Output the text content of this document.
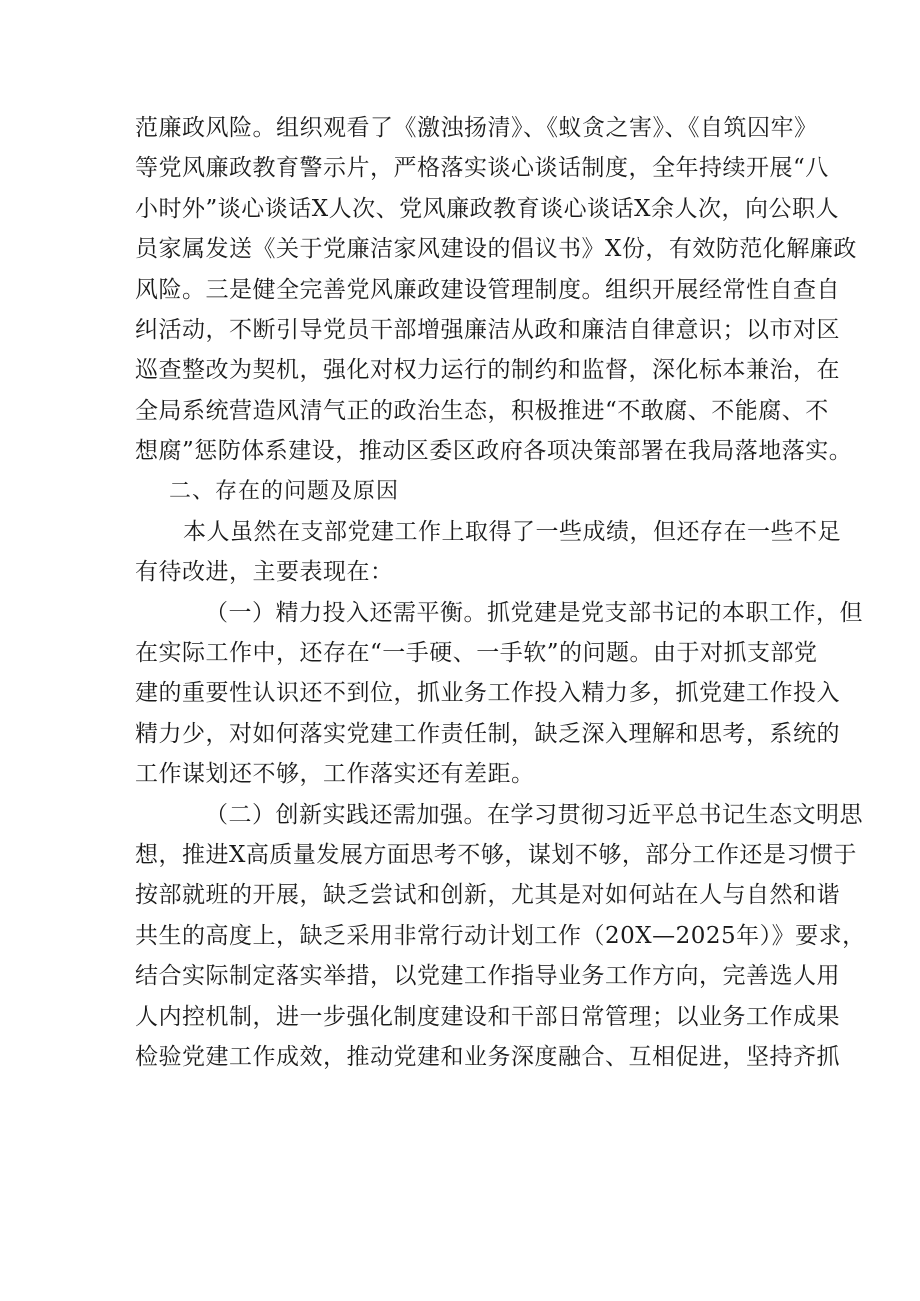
范廉政风险。组织观看了《激浊扬清》、《蚁贪之害》、《自筑囚牢》
等党风廉政教育警示片，严格落实谈心谈话制度，全年持续开展“八
小时外”谈心谈话X人次、党风廉政教育谈心谈话X余人次，向公职人
员家属发送《关于党廉洁家风建设的倡议书》X份，有效防范化解廉政
风险。三是健全完善党风廉政建设管理制度。组织开展经常性自查自
纠活动，不断引导党员干部增强廉洁从政和廉洁自律意识；以市对区
巡查整改为契机，强化对权力运行的制约和监督，深化标本兼治，在
全局系统营造风清气正的政治生态，积极推进“不敢腐、不能腐、不
想腐”惩防体系建设，推动区委区政府各项决策部署在我局落地落实。
二、存在的问题及原因
本人虽然在支部党建工作上取得了一些成绩，但还存在一些不足
有待改进，主要表现在：
（一）精力投入还需平衡。抓党建是党支部书记的本职工作，但
在实际工作中，还存在“一手硬、一手软”的问题。由于对抓支部党
建的重要性认识还不到位，抓业务工作投入精力多，抓党建工作投入
精力少，对如何落实党建工作责任制，缺乏深入理解和思考，系统的
工作谋划还不够，工作落实还有差距。
（二）创新实践还需加强。在学习贯彻习近平总书记生态文明思
想，推进X高质量发展方面思考不够，谋划不够，部分工作还是习惯于
按部就班的开展，缺乏尝试和创新，尤其是对如何站在人与自然和谐
共生的高度上，缺乏采用非常行动计划工作（20X—2025年）》要求，
结合实际制定落实举措，以党建工作指导业务工作方向，完善选人用
人内控机制，进一步强化制度建设和干部日常管理；以业务工作成果
检验党建工作成效，推动党建和业务深度融合、互相促进，坚持齐抓
